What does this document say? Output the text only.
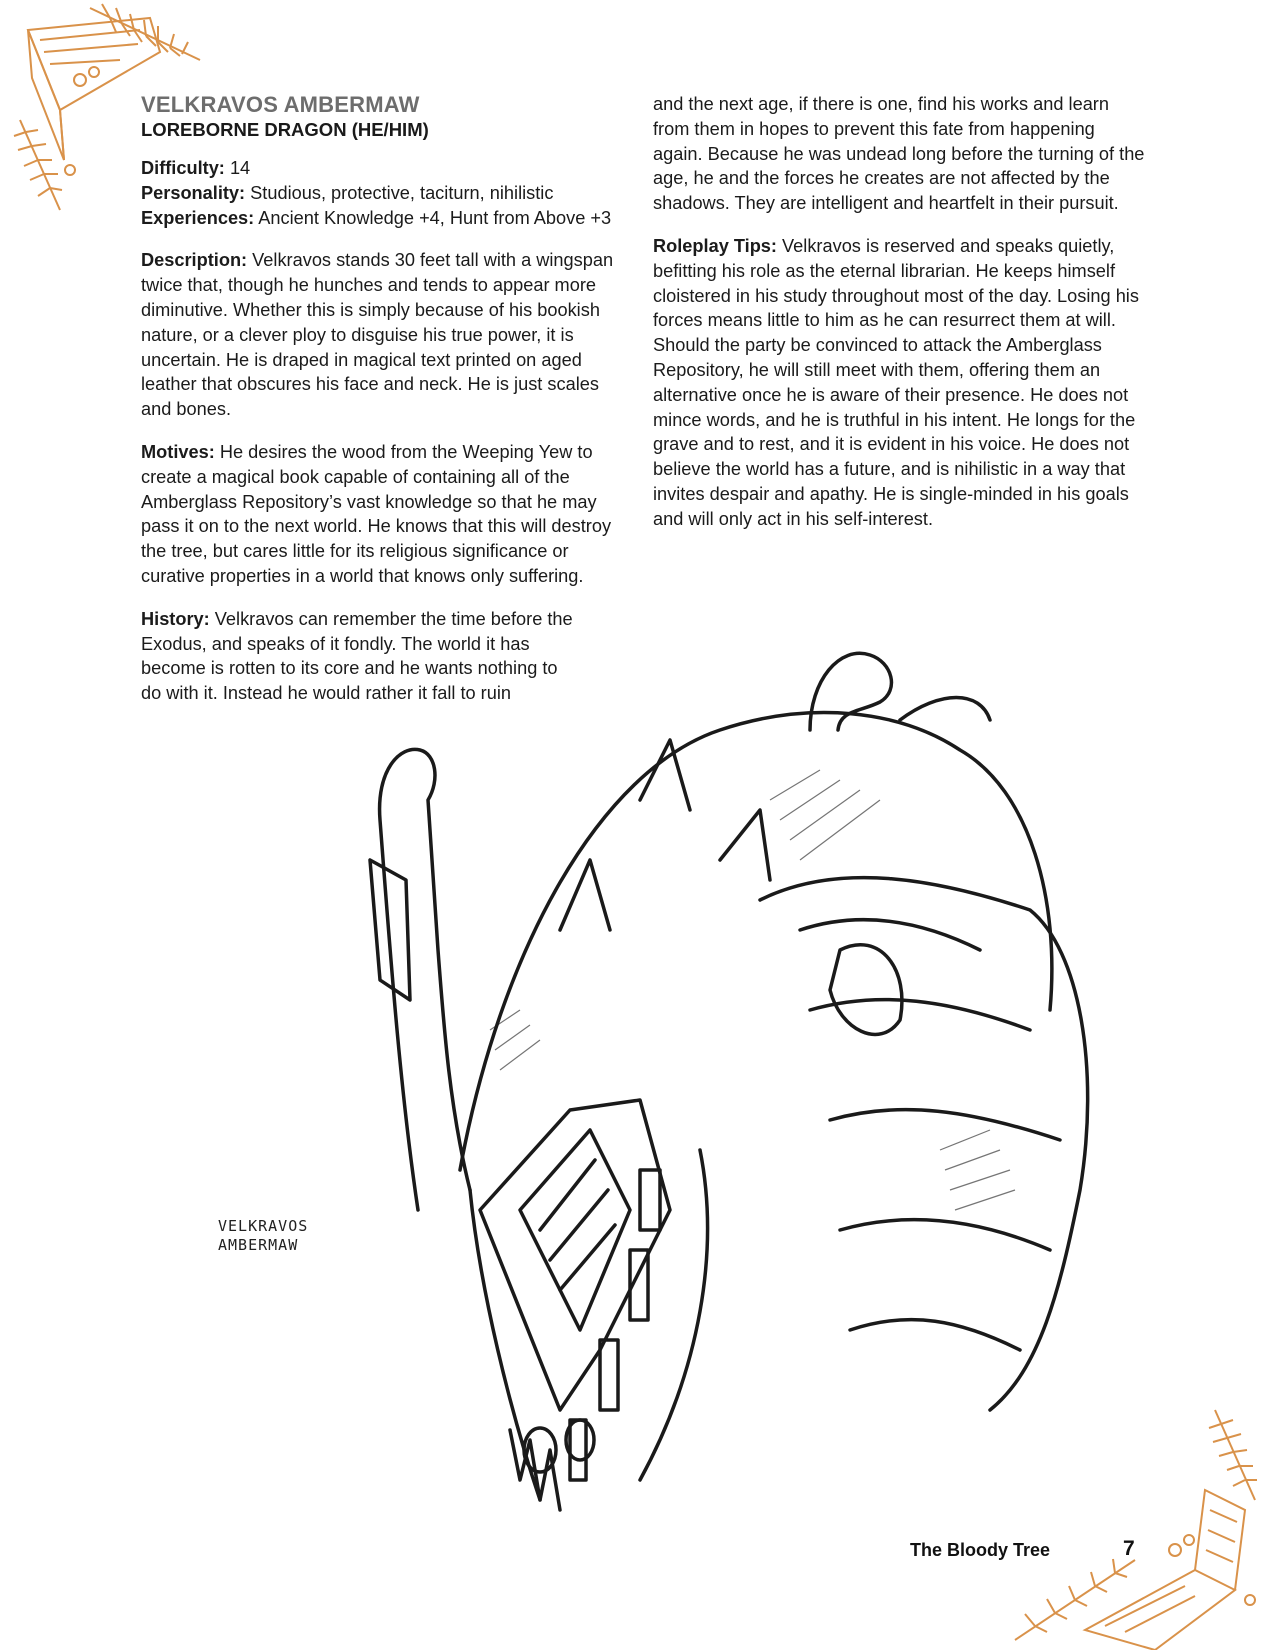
VELKRAVOS AMBERMAW
LOREBORNE DRAGON (HE/HIM)

Difficulty: 14

Personality: Studious, protective, taciturn, nihilistic

Experiences: Ancient Knowledge +4, Hunt from Above +3

Description: Velkravos stands 30 feet tall with a wingspan twice that, though he hunches and tends to appear more diminutive. Whether this is simply because of his bookish nature, or a clever ploy to disguise his true power, it is uncertain. He is draped in magical text printed on aged leather that obscures his face and neck. He is just scales and bones.

Motives: He desires the wood from the Weeping Yew to create a magical book capable of containing all of the Amberglass Repository’s vast knowledge so that he may pass it on to the next world. He knows that this will destroy the tree, but cares little for its religious significance or curative properties in a world that knows only suffering.

History: Velkravos can remember the time before the Exodus, and speaks of it fondly. The world it has become is rotten to its core and he wants nothing to do with it. Instead he would rather it fall to ruin

and the next age, if there is one, find his works and learn from them in hopes to prevent this fate from happening again. Because he was undead long before the turning of the age, he and the forces he creates are not affected by the shadows. They are intelligent and heartfelt in their pursuit.

Roleplay Tips: Velkravos is reserved and speaks quietly, befitting his role as the eternal librarian. He keeps himself cloistered in his study throughout most of the day. Losing his forces means little to him as he can resurrect them at will. Should the party be convinced to attack the Amberglass Repository, he will still meet with them, offering them an alternative once he is aware of their presence. He does not mince words, and he is truthful in his intent. He longs for the grave and to rest, and it is evident in his voice. He does not believe the world has a future, and is nihilistic in a way that invites despair and apathy. He is single-minded in his goals and will only act in his self-interest.

VELKRAVOS
AMBERMAW
The Bloody Tree	7
